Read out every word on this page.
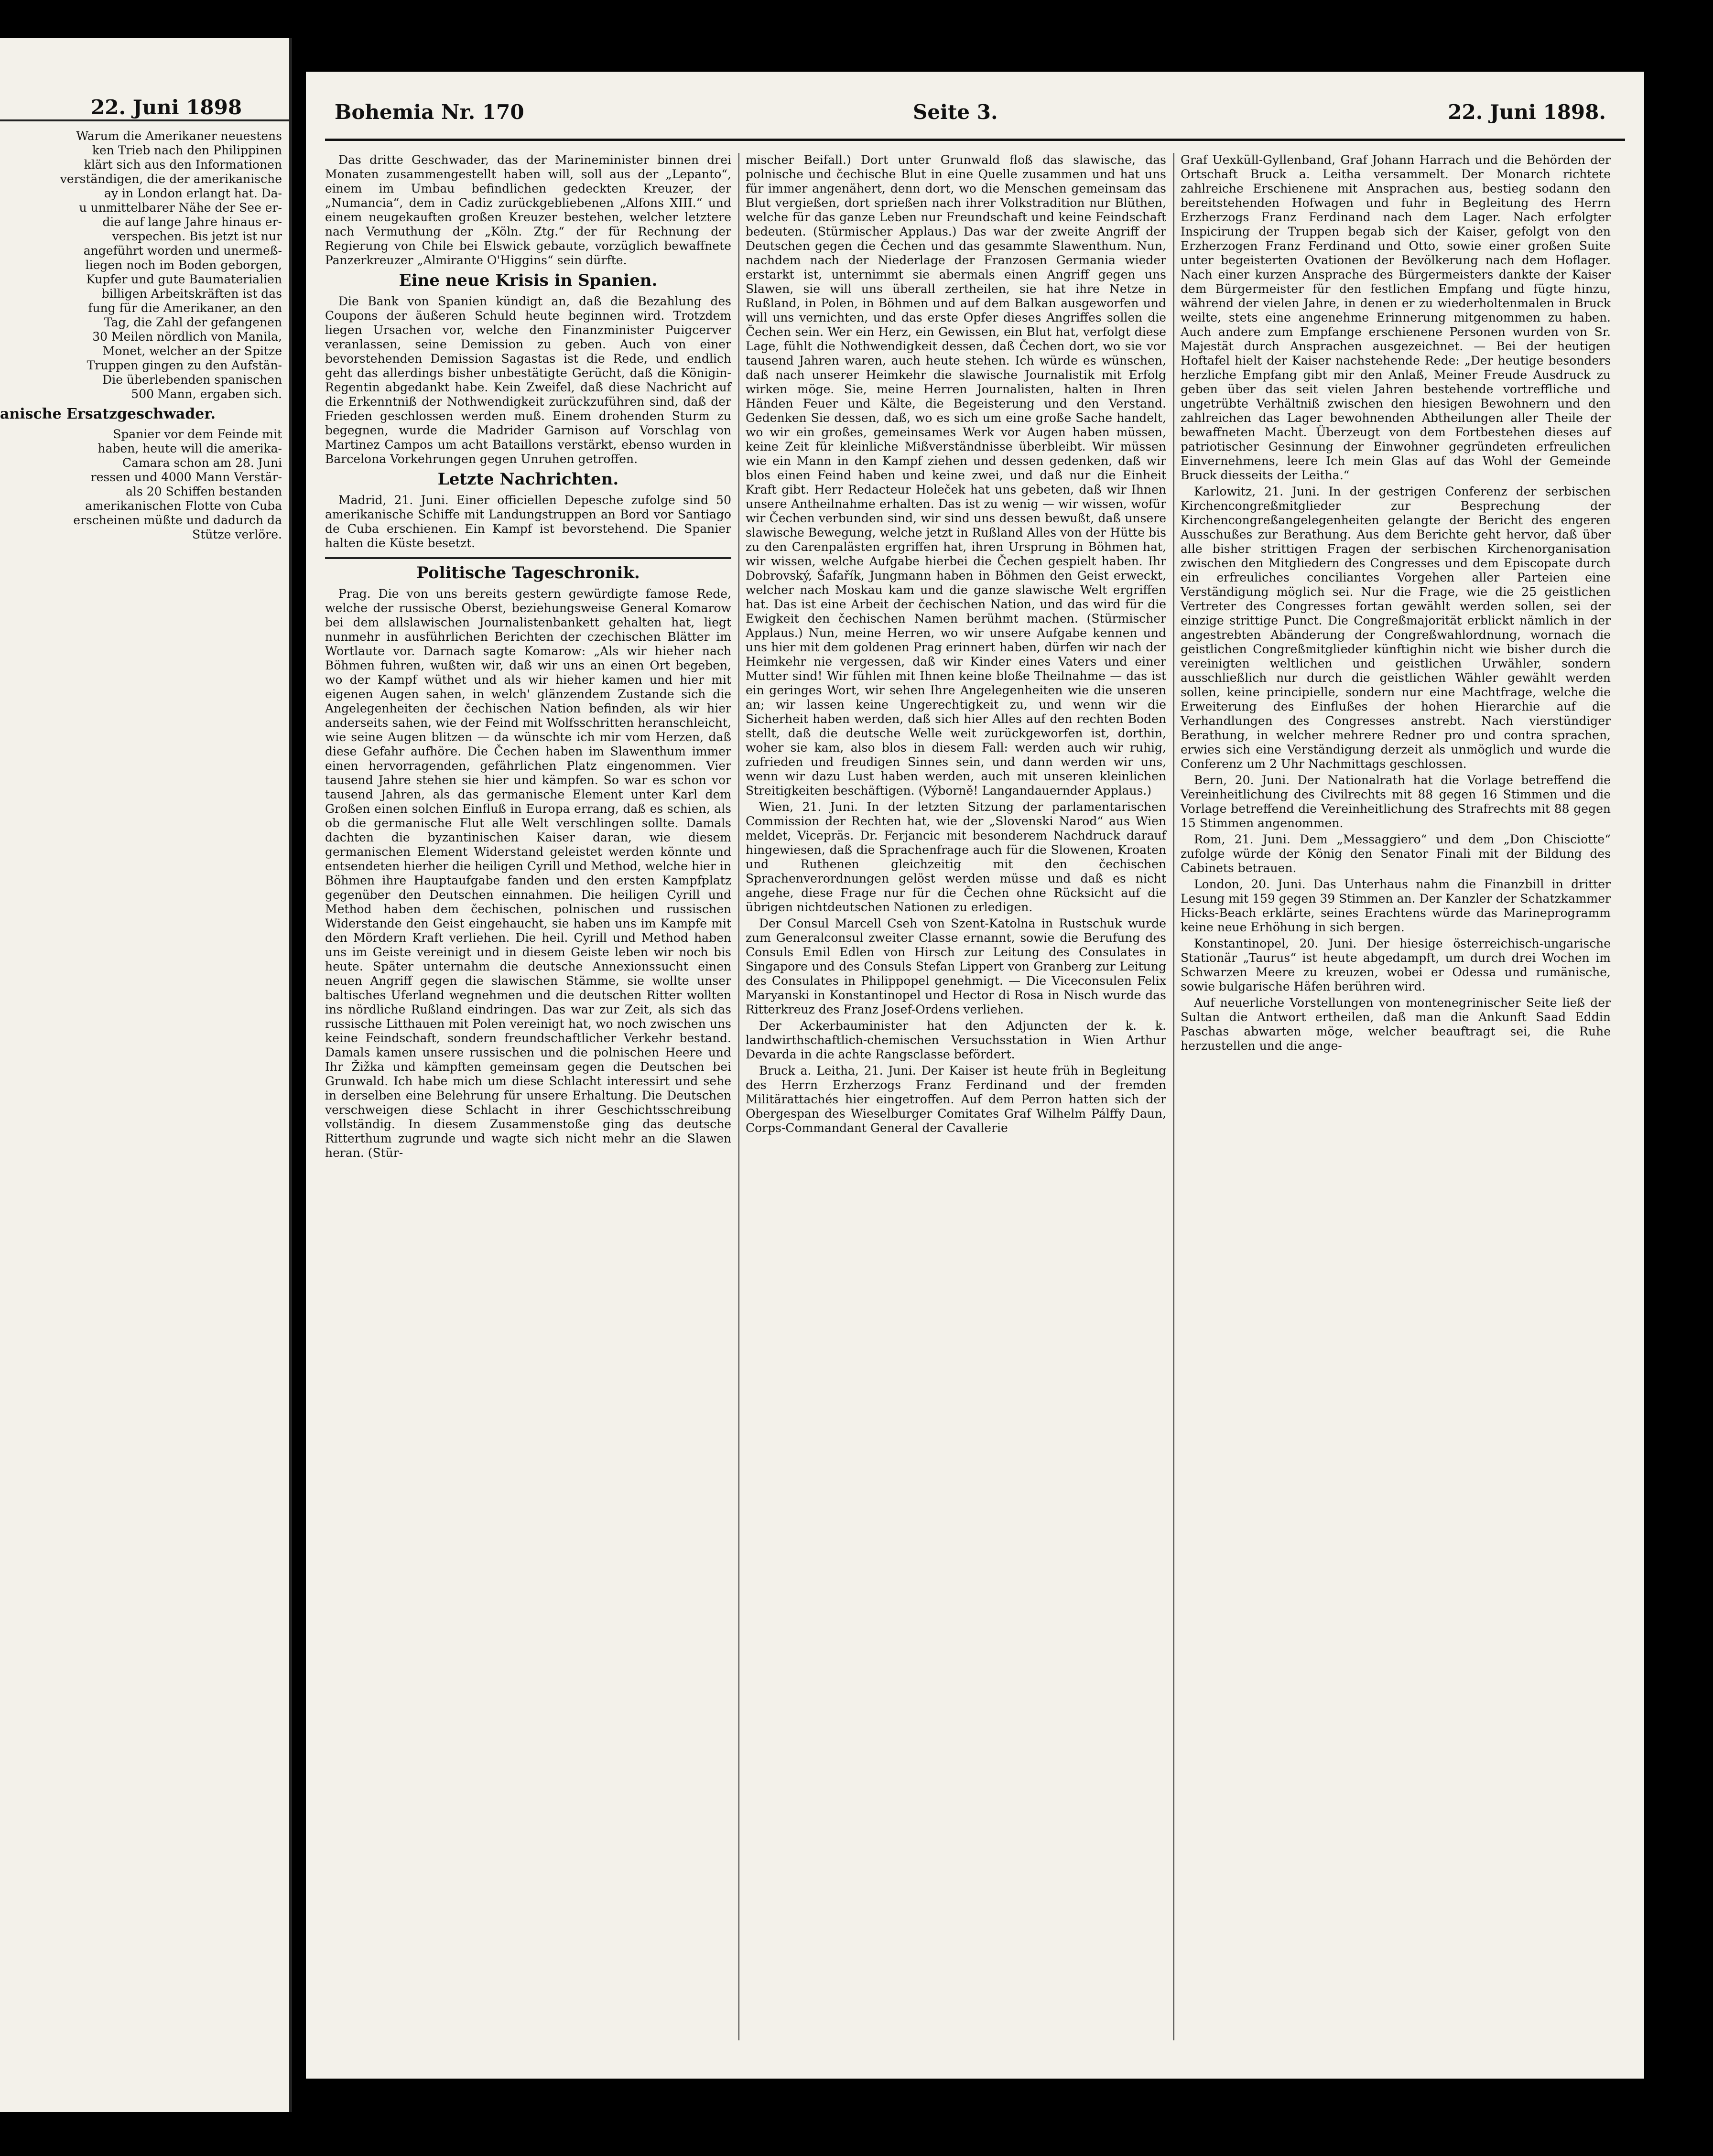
22. Juni 1898
Warum die Amerikaner neuestens
ken Trieb nach den Philippinen
klärt sich aus den Informationen
verständigen, die der amerikanische
ay in London erlangt hat. Da-
u unmittelbarer Nähe der See er-
die auf lange Jahre hinaus er-
verspechen. Bis jetzt ist nur
angeführt worden und unermeß-
liegen noch im Boden geborgen,
Kupfer und gute Baumaterialien
billigen Arbeitskräften ist das
fung für die Amerikaner, an den
Tag, die Zahl der gefangenen
30 Meilen nördlich von Manila,
Monet, welcher an der Spitze
Truppen gingen zu den Aufstän-
Die überlebenden spanischen
500 Mann, ergaben sich.
anische Ersatzgeschwader.
Spanier vor dem Feinde mit
haben, heute will die amerika-
Camara schon am 28. Juni
ressen und 4000 Mann Verstär-
als 20 Schiffen bestanden
amerikanischen Flotte von Cuba
erscheinen müßte und dadurch da
Stütze verlöre.
Bohemia Nr. 170	Seite 3.	22. Juni 1898.

Das dritte Geschwader, das der Marineminister binnen drei Monaten zusammengestellt haben will, soll aus der „Lepanto“, einem im Umbau befindlichen gedeckten Kreuzer, der „Numancia“, dem in Cadiz zurückgebliebenen „Alfons XIII.“ und einem neugekauften großen Kreuzer bestehen, welcher letztere nach Vermuthung der „Köln. Ztg.“ der für Rechnung der Regierung von Chile bei Elswick gebaute, vorzüglich bewaffnete Panzerkreuzer „Almirante O'Higgins“ sein dürfte.

Eine neue Krisis in Spanien.

Die Bank von Spanien kündigt an, daß die Bezahlung des Coupons der äußeren Schuld heute beginnen wird. Trotzdem liegen Ursachen vor, welche den Finanzminister Puigcerver veranlassen, seine Demission zu geben. Auch von einer bevorstehenden Demission Sagastas ist die Rede, und endlich geht das allerdings bisher unbestätigte Gerücht, daß die Königin-Regentin abgedankt habe. Kein Zweifel, daß diese Nachricht auf die Erkenntniß der Nothwendigkeit zurückzuführen sind, daß der Frieden geschlossen werden muß. Einem drohenden Sturm zu begegnen, wurde die Madrider Garnison auf Vorschlag von Martinez Campos um acht Bataillons verstärkt, ebenso wurden in Barcelona Vorkehrungen gegen Unruhen getroffen.

Letzte Nachrichten.

Madrid, 21. Juni. Einer officiellen Depesche zufolge sind 50 amerikanische Schiffe mit Landungstruppen an Bord vor Santiago de Cuba erschienen. Ein Kampf ist bevorstehend. Die Spanier halten die Küste besetzt.

Politische Tageschronik.

Prag. Die von uns bereits gestern gewürdigte famose Rede, welche der russische Oberst, beziehungsweise General Komarow bei dem allslawischen Journalistenbankett gehalten hat, liegt nunmehr in ausführlichen Berichten der czechischen Blätter im Wortlaute vor. Darnach sagte Komarow: „Als wir hieher nach Böhmen fuhren, wußten wir, daß wir uns an einen Ort begeben, wo der Kampf wüthet und als wir hieher kamen und hier mit eigenen Augen sahen, in welch' glänzendem Zustande sich die Angelegenheiten der čechischen Nation befinden, als wir hier anderseits sahen, wie der Feind mit Wolfsschritten heranschleicht, wie seine Augen blitzen — da wünschte ich mir vom Herzen, daß diese Gefahr aufhöre. Die Čechen haben im Slawenthum immer einen hervorragenden, gefährlichen Platz eingenommen. Vier tausend Jahre stehen sie hier und kämpfen. So war es schon vor tausend Jahren, als das germanische Element unter Karl dem Großen einen solchen Einfluß in Europa errang, daß es schien, als ob die germanische Flut alle Welt verschlingen sollte. Damals dachten die byzantinischen Kaiser daran, wie diesem germanischen Element Widerstand geleistet werden könnte und entsendeten hierher die heiligen Cyrill und Method, welche hier in Böhmen ihre Hauptaufgabe fanden und den ersten Kampfplatz gegenüber den Deutschen einnahmen. Die heiligen Cyrill und Method haben dem čechischen, polnischen und russischen Widerstande den Geist eingehaucht, sie haben uns im Kampfe mit den Mördern Kraft verliehen. Die heil. Cyrill und Method haben uns im Geiste vereinigt und in diesem Geiste leben wir noch bis heute. Später unternahm die deutsche Annexionssucht einen neuen Angriff gegen die slawischen Stämme, sie wollte unser baltisches Uferland wegnehmen und die deutschen Ritter wollten ins nördliche Rußland eindringen. Das war zur Zeit, als sich das russische Litthauen mit Polen vereinigt hat, wo noch zwischen uns keine Feindschaft, sondern freundschaftlicher Verkehr bestand. Damals kamen unsere russischen und die polnischen Heere und Ihr Žižka und kämpften gemeinsam gegen die Deutschen bei Grunwald. Ich habe mich um diese Schlacht interessirt und sehe in derselben eine Belehrung für unsere Erhaltung. Die Deutschen verschweigen diese Schlacht in ihrer Geschichtsschreibung vollständig. In diesem Zusammenstoße ging das deutsche Ritterthum zugrunde und wagte sich nicht mehr an die Slawen heran. (Stür-

mischer Beifall.) Dort unter Grunwald floß das slawische, das polnische und čechische Blut in eine Quelle zusammen und hat uns für immer angenähert, denn dort, wo die Menschen gemeinsam das Blut vergießen, dort sprießen nach ihrer Volkstradition nur Blüthen, welche für das ganze Leben nur Freundschaft und keine Feindschaft bedeuten. (Stürmischer Applaus.) Das war der zweite Angriff der Deutschen gegen die Čechen und das gesammte Slawenthum. Nun, nachdem nach der Niederlage der Franzosen Germania wieder erstarkt ist, unternimmt sie abermals einen Angriff gegen uns Slawen, sie will uns überall zertheilen, sie hat ihre Netze in Rußland, in Polen, in Böhmen und auf dem Balkan ausgeworfen und will uns vernichten, und das erste Opfer dieses Angriffes sollen die Čechen sein. Wer ein Herz, ein Gewissen, ein Blut hat, verfolgt diese Lage, fühlt die Nothwendigkeit dessen, daß Čechen dort, wo sie vor tausend Jahren waren, auch heute stehen. Ich würde es wünschen, daß nach unserer Heimkehr die slawische Journalistik mit Erfolg wirken möge. Sie, meine Herren Journalisten, halten in Ihren Händen Feuer und Kälte, die Begeisterung und den Verstand. Gedenken Sie dessen, daß, wo es sich um eine große Sache handelt, wo wir ein großes, gemeinsames Werk vor Augen haben müssen, keine Zeit für kleinliche Mißverständnisse überbleibt. Wir müssen wie ein Mann in den Kampf ziehen und dessen gedenken, daß wir blos einen Feind haben und keine zwei, und daß nur die Einheit Kraft gibt. Herr Redacteur Holeček hat uns gebeten, daß wir Ihnen unsere Antheilnahme erhalten. Das ist zu wenig — wir wissen, wofür wir Čechen verbunden sind, wir sind uns dessen bewußt, daß unsere slawische Bewegung, welche jetzt in Rußland Alles von der Hütte bis zu den Carenpalästen ergriffen hat, ihren Ursprung in Böhmen hat, wir wissen, welche Aufgabe hierbei die Čechen gespielt haben. Ihr Dobrovský, Šafařík, Jungmann haben in Böhmen den Geist erweckt, welcher nach Moskau kam und die ganze slawische Welt ergriffen hat. Das ist eine Arbeit der čechischen Nation, und das wird für die Ewigkeit den čechischen Namen berühmt machen. (Stürmischer Applaus.) Nun, meine Herren, wo wir unsere Aufgabe kennen und uns hier mit dem goldenen Prag erinnert haben, dürfen wir nach der Heimkehr nie vergessen, daß wir Kinder eines Vaters und einer Mutter sind! Wir fühlen mit Ihnen keine bloße Theilnahme — das ist ein geringes Wort, wir sehen Ihre Angelegenheiten wie die unseren an; wir lassen keine Ungerechtigkeit zu, und wenn wir die Sicherheit haben werden, daß sich hier Alles auf den rechten Boden stellt, daß die deutsche Welle weit zurückgeworfen ist, dorthin, woher sie kam, also blos in diesem Fall: werden auch wir ruhig, zufrieden und freudigen Sinnes sein, und dann werden wir uns, wenn wir dazu Lust haben werden, auch mit unseren kleinlichen Streitigkeiten beschäftigen. (Výborně! Langandauernder Applaus.)

Wien, 21. Juni. In der letzten Sitzung der parlamentarischen Commission der Rechten hat, wie der „Slovenski Narod“ aus Wien meldet, Vicepräs. Dr. Ferjancic mit besonderem Nachdruck darauf hingewiesen, daß die Sprachenfrage auch für die Slowenen, Kroaten und Ruthenen gleichzeitig mit den čechischen Sprachenverordnungen gelöst werden müsse und daß es nicht angehe, diese Frage nur für die Čechen ohne Rücksicht auf die übrigen nichtdeutschen Nationen zu erledigen.

Der Consul Marcell Cseh von Szent-Katolna in Rustschuk wurde zum Generalconsul zweiter Classe ernannt, sowie die Berufung des Consuls Emil Edlen von Hirsch zur Leitung des Consulates in Singapore und des Consuls Stefan Lippert von Granberg zur Leitung des Consulates in Philippopel genehmigt. — Die Viceconsulen Felix Maryanski in Konstantinopel und Hector di Rosa in Nisch wurde das Ritterkreuz des Franz Josef-Ordens verliehen.

Der Ackerbauminister hat den Adjuncten der k. k. landwirthschaftlich-chemischen Versuchsstation in Wien Arthur Devarda in die achte Rangsclasse befördert.

Bruck a. Leitha, 21. Juni. Der Kaiser ist heute früh in Begleitung des Herrn Erzherzogs Franz Ferdinand und der fremden Militärattachés hier eingetroffen. Auf dem Perron hatten sich der Obergespan des Wieselburger Comitates Graf Wilhelm Pálffy Daun, Corps-Commandant General der Cavallerie

Graf Uexküll-Gyllenband, Graf Johann Harrach und die Behörden der Ortschaft Bruck a. Leitha versammelt. Der Monarch richtete zahlreiche Erschienene mit Ansprachen aus, bestieg sodann den bereitstehenden Hofwagen und fuhr in Begleitung des Herrn Erzherzogs Franz Ferdinand nach dem Lager. Nach erfolgter Inspicirung der Truppen begab sich der Kaiser, gefolgt von den Erzherzogen Franz Ferdinand und Otto, sowie einer großen Suite unter begeisterten Ovationen der Bevölkerung nach dem Hoflager. Nach einer kurzen Ansprache des Bürgermeisters dankte der Kaiser dem Bürgermeister für den festlichen Empfang und fügte hinzu, während der vielen Jahre, in denen er zu wiederholtenmalen in Bruck weilte, stets eine angenehme Erinnerung mitgenommen zu haben. Auch andere zum Empfange erschienene Personen wurden von Sr. Majestät durch Ansprachen ausgezeichnet. — Bei der heutigen Hoftafel hielt der Kaiser nachstehende Rede: „Der heutige besonders herzliche Empfang gibt mir den Anlaß, Meiner Freude Ausdruck zu geben über das seit vielen Jahren bestehende vortreffliche und ungetrübte Verhältniß zwischen den hiesigen Bewohnern und den zahlreichen das Lager bewohnenden Abtheilungen aller Theile der bewaffneten Macht. Überzeugt von dem Fortbestehen dieses auf patriotischer Gesinnung der Einwohner gegründeten erfreulichen Einvernehmens, leere Ich mein Glas auf das Wohl der Gemeinde Bruck diesseits der Leitha.“

Karlowitz, 21. Juni. In der gestrigen Conferenz der serbischen Kirchencongreßmitglieder zur Besprechung der Kirchencongreßangelegenheiten gelangte der Bericht des engeren Ausschußes zur Berathung. Aus dem Berichte geht hervor, daß über alle bisher strittigen Fragen der serbischen Kirchenorganisation zwischen den Mitgliedern des Congresses und dem Episcopate durch ein erfreuliches conciliantes Vorgehen aller Parteien eine Verständigung möglich sei. Nur die Frage, wie die 25 geistlichen Vertreter des Congresses fortan gewählt werden sollen, sei der einzige strittige Punct. Die Congreßmajorität erblickt nämlich in der angestrebten Abänderung der Congreßwahlordnung, wornach die geistlichen Congreßmitglieder künftighin nicht wie bisher durch die vereinigten weltlichen und geistlichen Urwähler, sondern ausschließlich nur durch die geistlichen Wähler gewählt werden sollen, keine principielle, sondern nur eine Machtfrage, welche die Erweiterung des Einflußes der hohen Hierarchie auf die Verhandlungen des Congresses anstrebt. Nach vierstündiger Berathung, in welcher mehrere Redner pro und contra sprachen, erwies sich eine Verständigung derzeit als unmöglich und wurde die Conferenz um 2 Uhr Nachmittags geschlossen.

Bern, 20. Juni. Der Nationalrath hat die Vorlage betreffend die Vereinheitlichung des Civilrechts mit 88 gegen 16 Stimmen und die Vorlage betreffend die Vereinheitlichung des Strafrechts mit 88 gegen 15 Stimmen angenommen.

Rom, 21. Juni. Dem „Messaggiero“ und dem „Don Chisciotte“ zufolge würde der König den Senator Finali mit der Bildung des Cabinets betrauen.

London, 20. Juni. Das Unterhaus nahm die Finanzbill in dritter Lesung mit 159 gegen 39 Stimmen an. Der Kanzler der Schatzkammer Hicks-Beach erklärte, seines Erachtens würde das Marineprogramm keine neue Erhöhung in sich bergen.

Konstantinopel, 20. Juni. Der hiesige österreichisch-ungarische Stationär „Taurus“ ist heute abgedampft, um durch drei Wochen im Schwarzen Meere zu kreuzen, wobei er Odessa und rumänische, sowie bulgarische Häfen berühren wird.

Auf neuerliche Vorstellungen von montenegrinischer Seite ließ der Sultan die Antwort ertheilen, daß man die Ankunft Saad Eddin Paschas abwarten möge, welcher beauftragt sei, die Ruhe herzustellen und die ange-
